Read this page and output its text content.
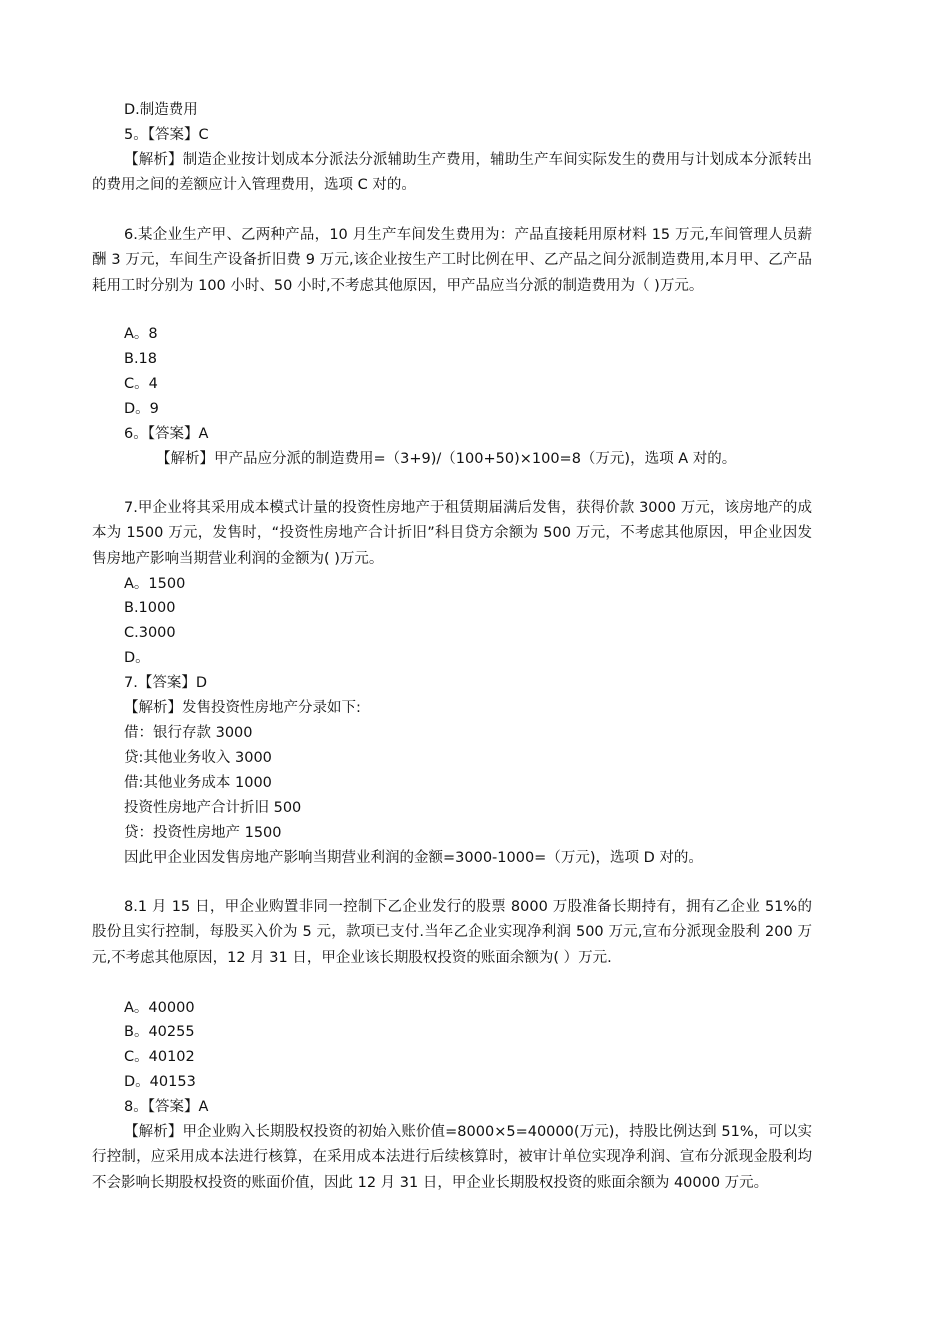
D.制造费用
5。【答案】C
【解析】制造企业按计划成本分派法分派辅助生产费用，辅助生产车间实际发生的费用与计划成本分派转出的费用之间的差额应计入管理费用，选项 C 对的。
6.某企业生产甲、乙两种产品，10 月生产车间发生费用为：产品直接耗用原材料 15 万元,车间管理人员薪酬 3 万元，车间生产设备折旧费 9 万元,该企业按生产工时比例在甲、乙产品之间分派制造费用,本月甲、乙产品耗用工时分别为 100 小时、50 小时,不考虑其他原因，甲产品应当分派的制造费用为（ )万元。
A。8
B.18
C。4
D。9
6。【答案】A
【解析】甲产品应分派的制造费用=（3+9)/（100+50)×100=8（万元)，选项 A 对的。
7.甲企业将其采用成本模式计量的投资性房地产于租赁期届满后发售，获得价款 3000 万元，该房地产的成本为 1500 万元，发售时，“投资性房地产合计折旧”科目贷方余额为 500 万元，不考虑其他原因，甲企业因发售房地产影响当期营业利润的金额为( )万元。
A。1500
B.1000
C.3000
D。
7.【答案】D
【解析】发售投资性房地产分录如下:
借：银行存款 3000
贷:其他业务收入 3000
借:其他业务成本 1000
投资性房地产合计折旧 500
贷：投资性房地产 1500
因此甲企业因发售房地产影响当期营业利润的金额=3000-1000=（万元)，选项 D 对的。
8.1 月 15 日，甲企业购置非同一控制下乙企业发行的股票 8000 万股准备长期持有，拥有乙企业 51%的股份且实行控制，每股买入价为 5 元，款项已支付.当年乙企业实现净利润 500 万元,宣布分派现金股利 200 万元,不考虑其他原因，12 月 31 日，甲企业该长期股权投资的账面余额为( ）万元.
A。40000
B。40255
C。40102
D。40153
8。【答案】A
【解析】甲企业购入长期股权投资的初始入账价值=8000×5=40000(万元)，持股比例达到 51%，可以实行控制，应采用成本法进行核算，在采用成本法进行后续核算时，被审计单位实现净利润、宣布分派现金股利均不会影响长期股权投资的账面价值，因此 12 月 31 日，甲企业长期股权投资的账面余额为 40000 万元。
